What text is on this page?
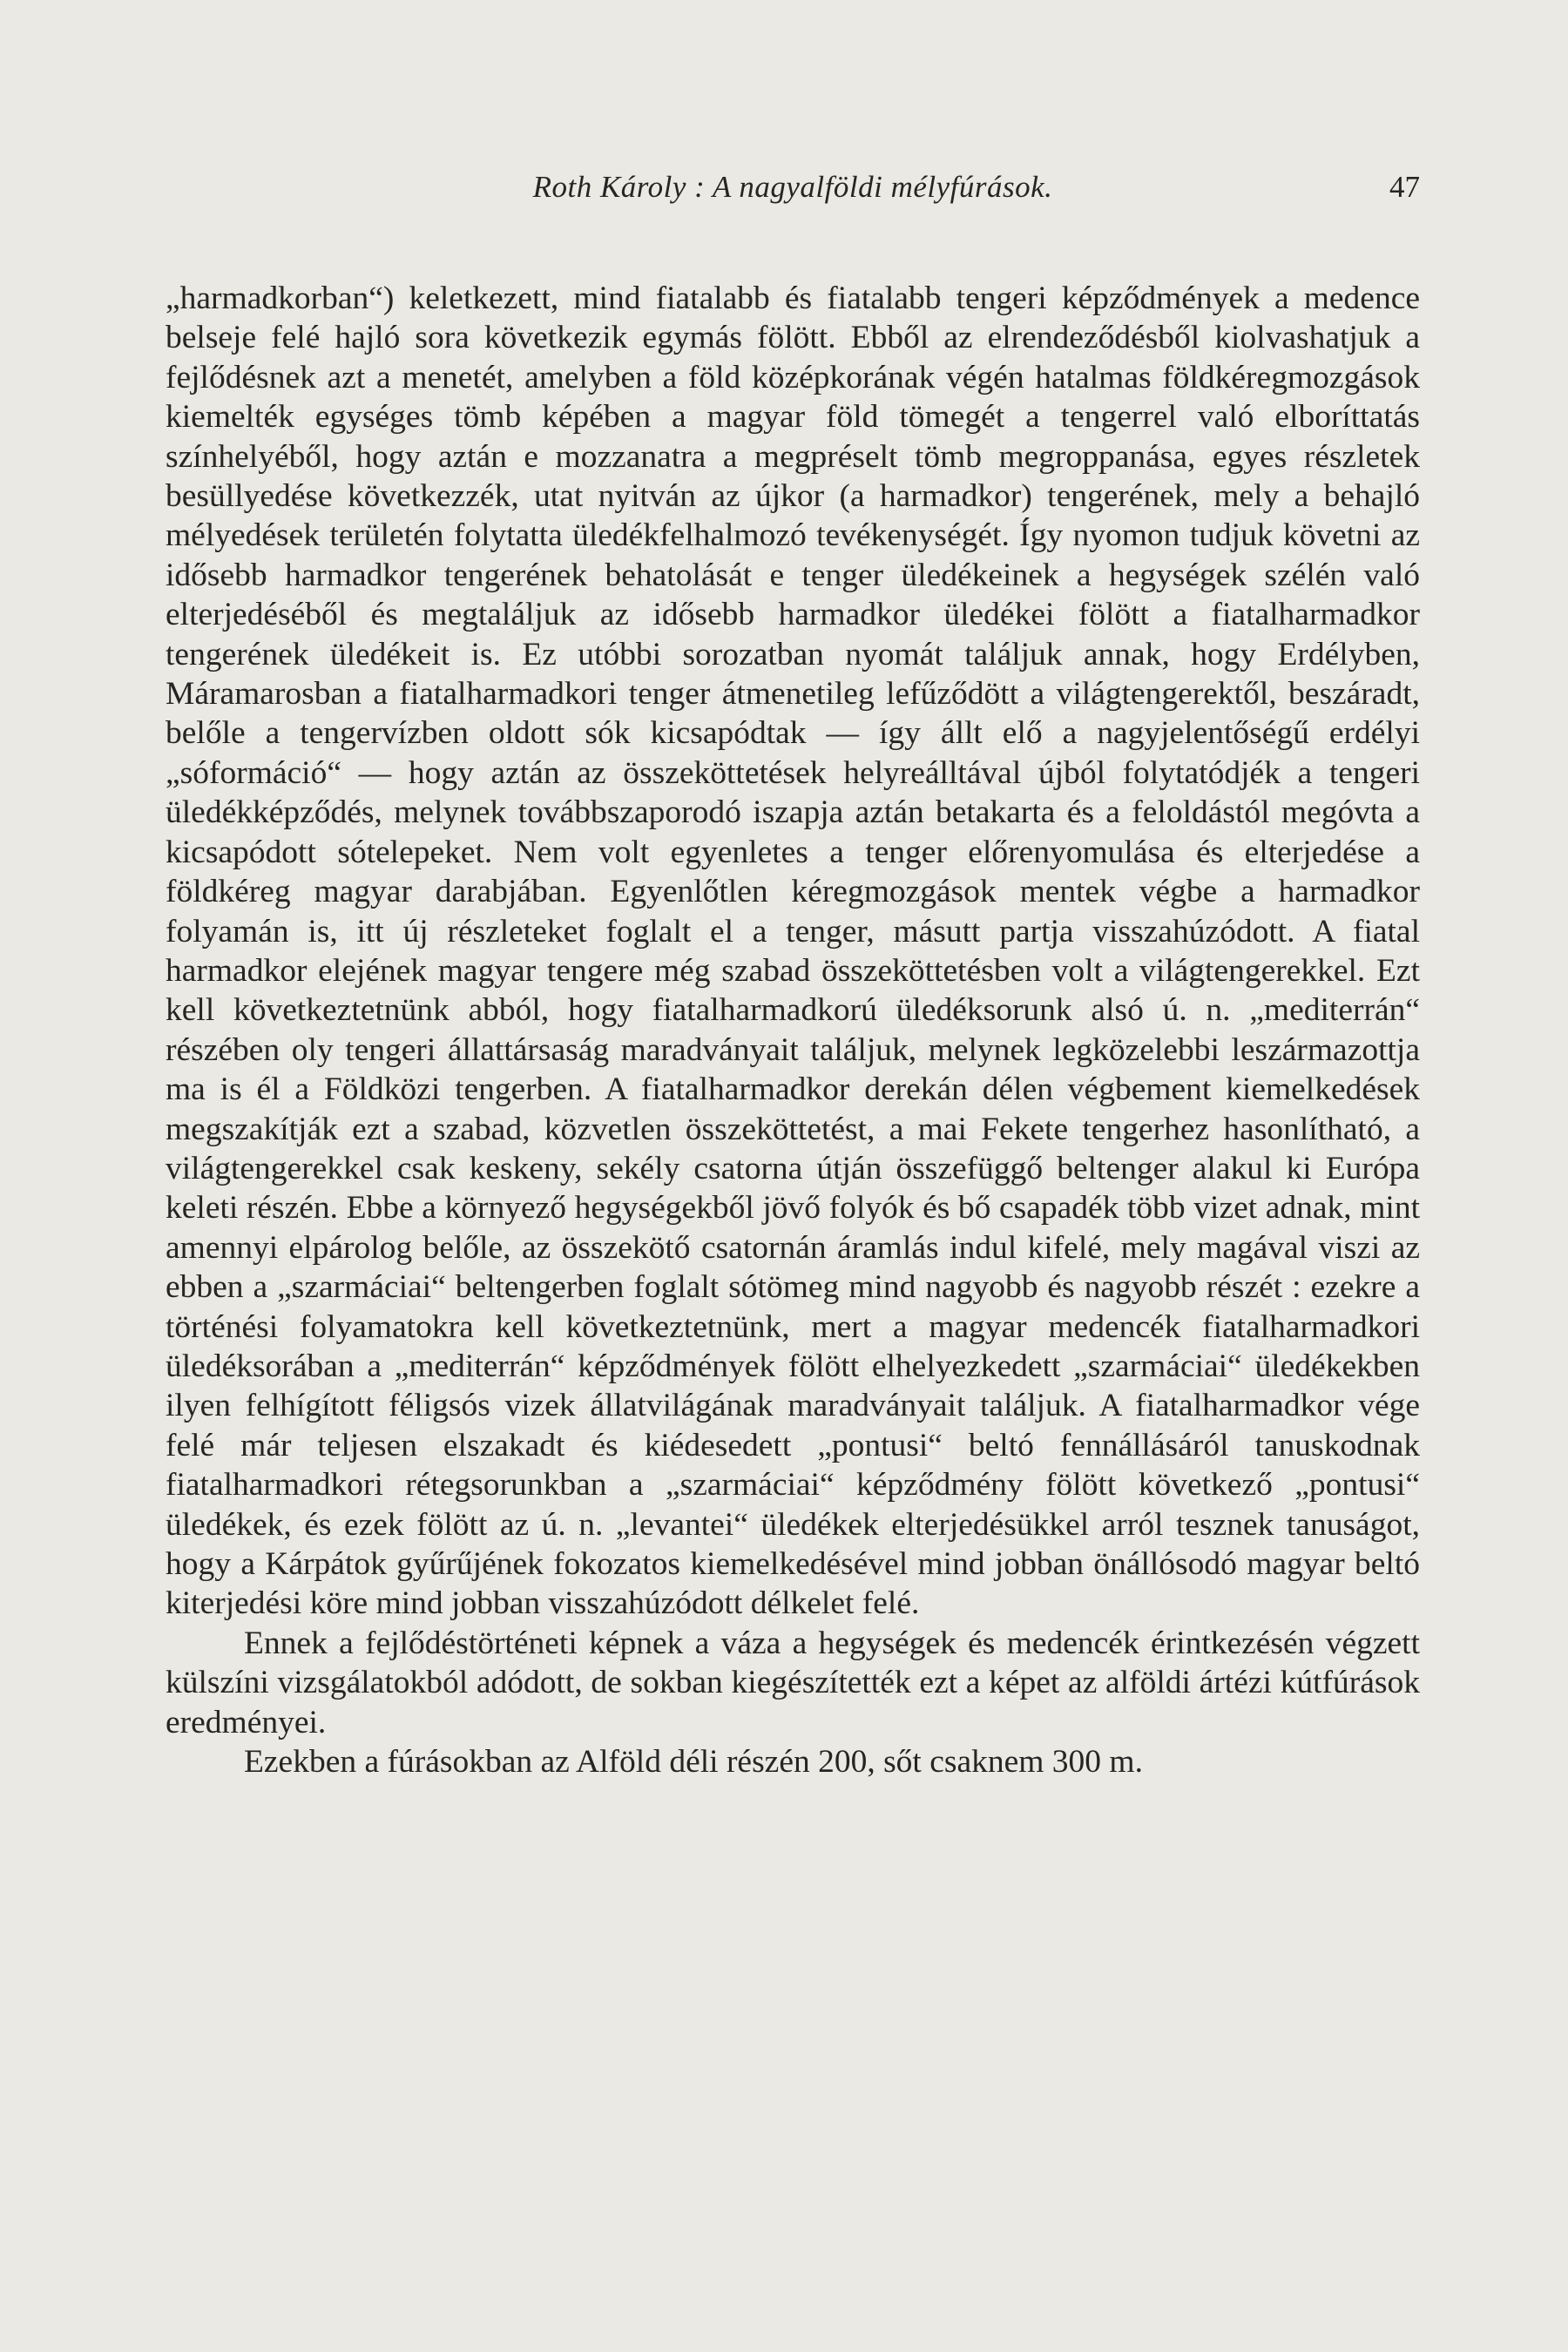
Roth Károly : A nagyalföldi mélyfúrások.	47

„harmadkorban“) keletkezett, mind fiatalabb és fiatalabb tengeri képződmények a medence belseje felé hajló sora következik egymás fölött. Ebből az elrendeződésből kiolvashatjuk a fejlődésnek azt a menetét, amelyben a föld középkorának végén hatalmas földkéregmozgások kiemelték egységes tömb képében a magyar föld tömegét a tengerrel való elboríttatás színhelyéből, hogy aztán e mozzanatra a megpréselt tömb megroppanása, egyes részletek besüllyedése következzék, utat nyitván az újkor (a harmadkor) tengerének, mely a behajló mélyedések területén folytatta üledékfelhalmozó tevékenységét. Így nyomon tudjuk követni az idősebb harmadkor tengerének behatolását e tenger üledékeinek a hegységek szélén való elterjedéséből és megtaláljuk az idősebb harmadkor üledékei fölött a fiatalharmadkor tengerének üledékeit is. Ez utóbbi sorozatban nyomát találjuk annak, hogy Erdélyben, Máramarosban a fiatalharmadkori tenger átmenetileg lefűződött a világtengerektől, beszáradt, belőle a tengervízben oldott sók kicsapódtak — így állt elő a nagyjelentőségű erdélyi „sóformáció“ — hogy aztán az összeköttetések helyreálltával újból folytatódjék a tengeri üledékképződés, melynek továbbszaporodó iszapja aztán betakarta és a feloldástól megóvta a kicsapódott sótelepeket. Nem volt egyenletes a tenger előrenyomulása és elterjedése a földkéreg magyar darabjában. Egyenlőtlen kéregmozgások mentek végbe a harmadkor folyamán is, itt új részleteket foglalt el a tenger, másutt partja visszahúzódott. A fiatal harmadkor elejének magyar tengere még szabad összeköttetésben volt a világtengerekkel. Ezt kell következtetnünk abból, hogy fiatalharmadkorú üledéksorunk alsó ú. n. „mediterrán“ részében oly tengeri állattársaság maradványait találjuk, melynek legközelebbi leszármazottja ma is él a Földközi tengerben. A fiatalharmadkor derekán délen végbement kiemelkedések megszakítják ezt a szabad, közvetlen összeköttetést, a mai Fekete tengerhez hasonlítható, a világtengerekkel csak keskeny, sekély csatorna útján összefüggő beltenger alakul ki Európa keleti részén. Ebbe a környező hegységekből jövő folyók és bő csapadék több vizet adnak, mint amennyi elpárolog belőle, az összekötő csatornán áramlás indul kifelé, mely magával viszi az ebben a „szarmáciai“ beltengerben foglalt sótömeg mind nagyobb és nagyobb részét : ezekre a történési folyamatokra kell következtetnünk, mert a magyar medencék fiatalharmadkori üledéksorában a „mediterrán“ képződmények fölött elhelyezkedett „szarmáciai“ üledékekben ilyen felhígított féligsós vizek állatvilágának maradványait találjuk. A fiatalharmadkor vége felé már teljesen elszakadt és kiédesedett „pontusi“ beltó fennállásáról tanuskodnak fiatalharmadkori rétegsorunkban a „szarmáciai“ képződmény fölött következő „pontusi“ üledékek, és ezek fölött az ú. n. „levantei“ üledékek elterjedésükkel arról tesznek tanuságot, hogy a Kárpátok gyűrűjének fokozatos kiemelkedésével mind jobban önállósodó magyar beltó kiterjedési köre mind jobban visszahúzódott délkelet felé.

Ennek a fejlődéstörténeti képnek a váza a hegységek és medencék érintkezésén végzett külszíni vizsgálatokból adódott, de sokban kiegészítették ezt a képet az alföldi ártézi kútfúrások eredményei.

Ezekben a fúrásokban az Alföld déli részén 200, sőt csaknem 300 m.
